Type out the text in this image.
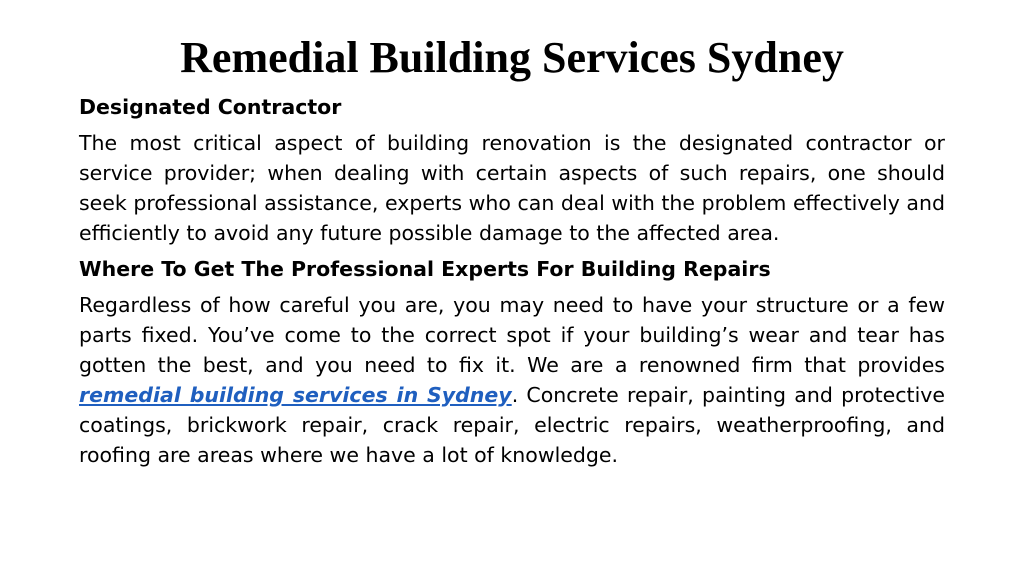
Remedial Building Services Sydney
Designated Contractor
The most critical aspect of building renovation is the designated contractor or service provider; when dealing with certain aspects of such repairs, one should seek professional assistance, experts who can deal with the problem effectively and efficiently to avoid any future possible damage to the affected area.
Where To Get The Professional Experts For Building Repairs
Regardless of how careful you are, you may need to have your structure or a few parts fixed. You’ve come to the correct spot if your building’s wear and tear has gotten the best, and you need to fix it. We are a renowned firm that provides remedial building services in Sydney. Concrete repair, painting and protective coatings, brickwork repair, crack repair, electric repairs, weatherproofing, and roofing are areas where we have a lot of knowledge.
